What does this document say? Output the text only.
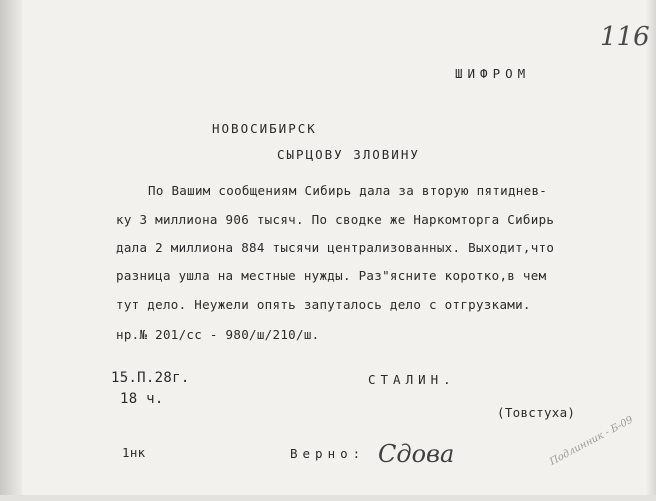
116
ШИФРОМ
НОВОСИБИРСК
СЫРЦОВУ ЗЛОВИНУ
По Вашим сообщениям Сибирь дала за вторую пятиднев-
ку 3 миллиона 906 тысяч. По сводке же Наркомторга Сибирь
дала 2 миллиона 884 тысячи централизованных. Выходит,что
разница ушла на местные нужды. Раз"ясните коротко,в чем
тут дело. Неужели опять запуталось дело с отгрузками.
нр.№ 201/сс - 980/ш/210/ш.
15.П.28г.
18 ч.
СТАЛИН.
(Товстуха)
1нк	Верно: Сдова	Подлинник - Б-09
